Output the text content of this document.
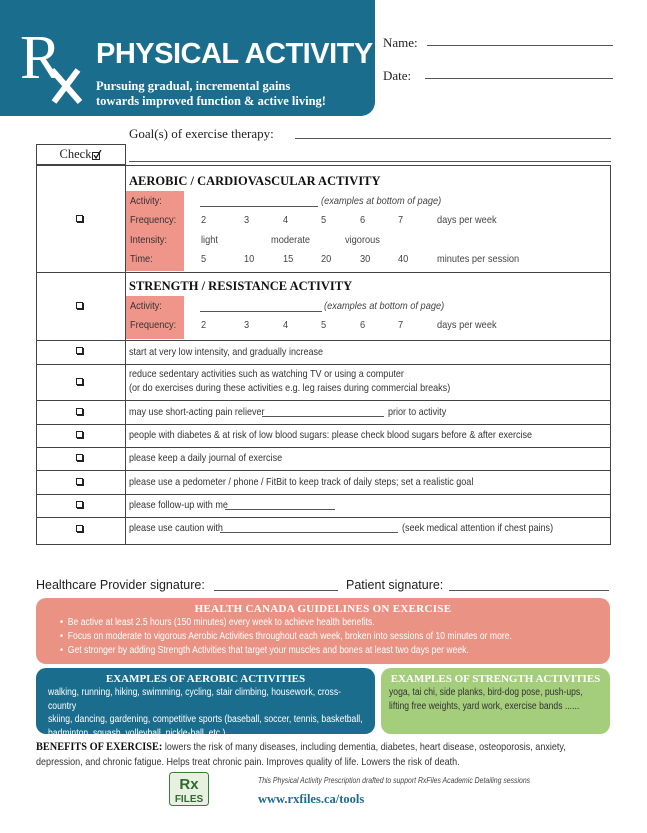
R PHYSICAL ACTIVITY
Pursuing gradual, incremental gains
towards improved function & active living!
Name:
Date:
Goal(s) of exercise therapy:
Check
AEROBIC / CARDIOVASCULAR ACTIVITY
Activity:	(examples at bottom of page)
Frequency: 2	3	4	5	6	7	days per week
Intensity:	light	moderate	vigorous
Time:	5	10	15	20	30	40	minutes per session
STRENGTH / RESISTANCE ACTIVITY
Activity:	(examples at bottom of page)
Frequency: 2	3	4	5	6	7	days per week
start at very low intensity, and gradually increase
reduce sedentary activities such as watching TV or using a computer
(or do exercises during these activities e.g. leg raises during commercial breaks)
may use short-acting pain reliever	prior to activity
people with diabetes & at risk of low blood sugars: please check blood sugars before & after exercise
please keep a daily journal of exercise
please use a pedometer / phone / FitBit to keep track of daily steps; set a realistic goal
please follow-up with me
please use caution with	(seek medical attention if chest pains)
Healthcare Provider signature:	Patient signature:
HEALTH CANADA GUIDELINES ON EXERCISE
•  Be active at least 2.5 hours (150 minutes) every week to achieve health benefits.
•  Focus on moderate to vigorous Aerobic Activities throughout each week, broken into sessions of 10 minutes or more.
•  Get stronger by adding Strength Activities that target your muscles and bones at least two days per week.
EXAMPLES OF AEROBIC ACTIVITIES
walking, running, hiking, swimming, cycling, stair climbing, housework, cross-country
skiing, dancing, gardening, competitive sports (baseball, soccer, tennis, basketball,
badminton, squash, volleyball, pickle-ball, etc.) ...
EXAMPLES OF STRENGTH ACTIVITIES
yoga, tai chi, side planks, bird-dog pose, push-ups,
lifting free weights, yard work, exercise bands ......
BENEFITS OF EXERCISE: lowers the risk of many diseases, including dementia, diabetes, heart disease, osteoporosis, anxiety,
depression, and chronic fatigue. Helps treat chronic pain. Improves quality of life. Lowers the risk of death.
Rx
FILES
This Physical Activity Prescription drafted to support RxFiles Academic Detailing sessions
www.rxfiles.ca/tools
